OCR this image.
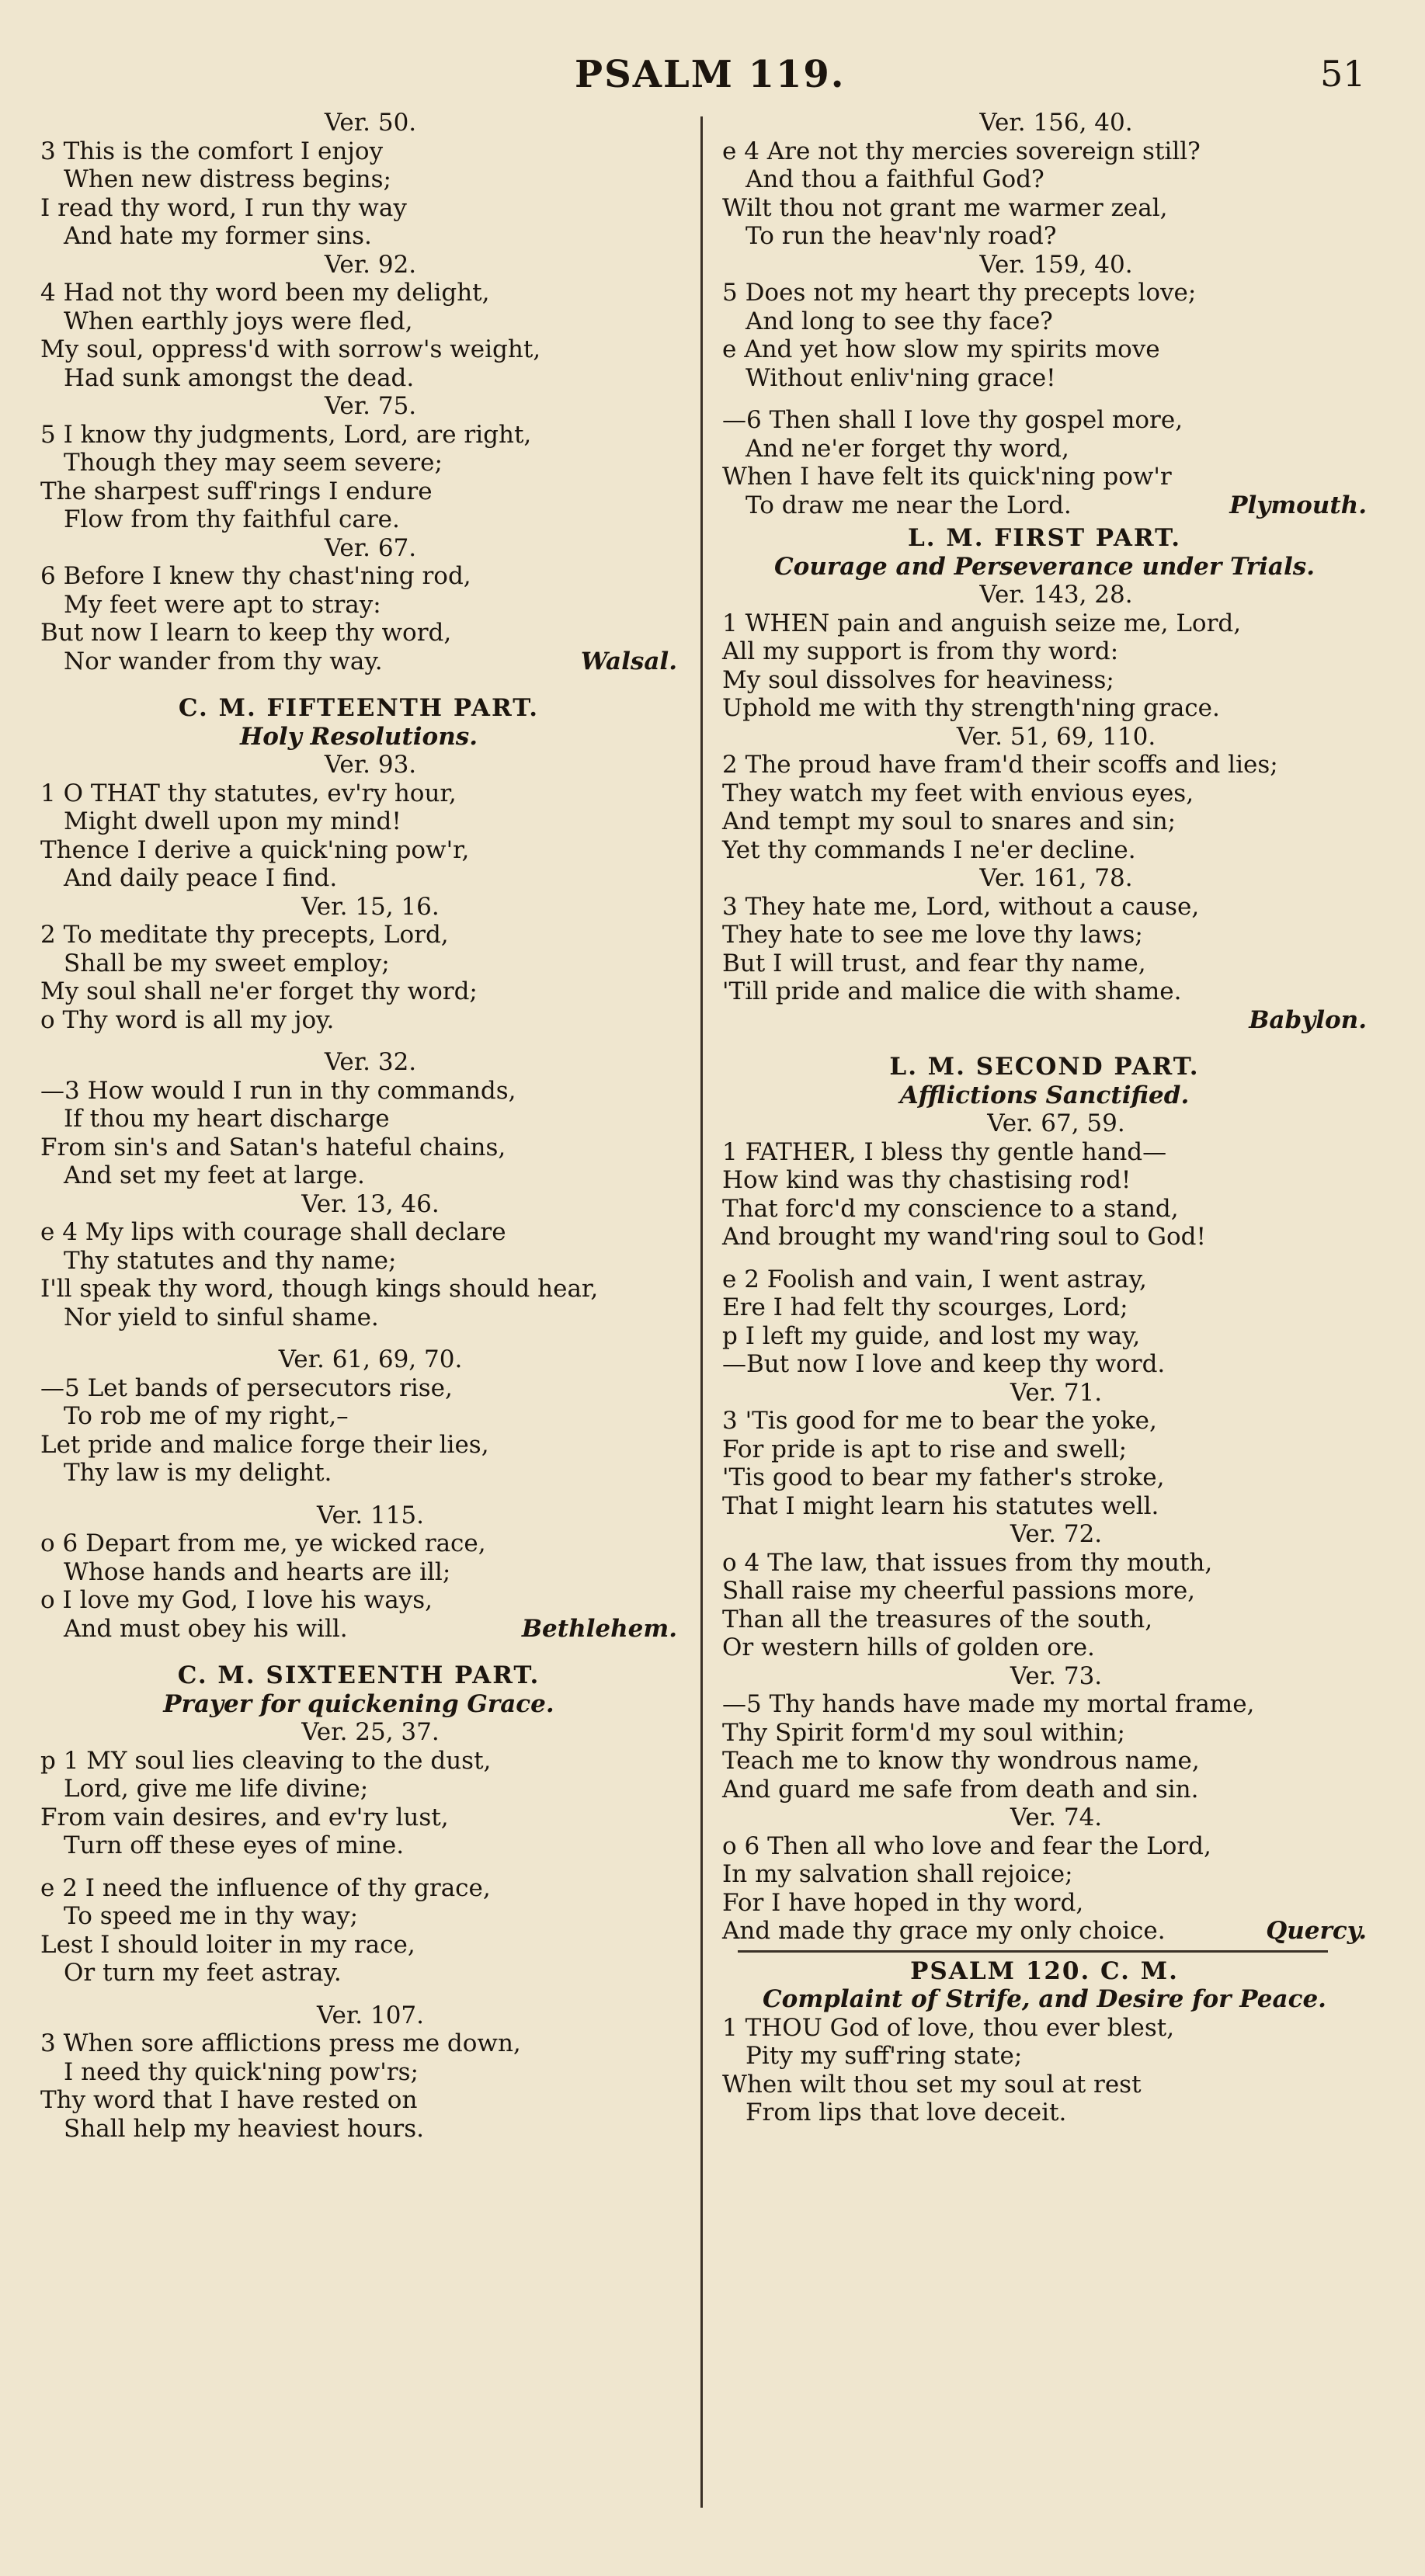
PSALM 119.	51
Ver. 50.
3 This is the comfort I enjoy
When new distress begins;
I read thy word, I run thy way
And hate my former sins.
Ver. 92.
4 Had not thy word been my delight,
When earthly joys were fled,
My soul, oppress'd with sorrow's weight,
Had sunk amongst the dead.
Ver. 75.
5 I know thy judgments, Lord, are right,
Though they may seem severe;
The sharpest suff'rings I endure
Flow from thy faithful care.
Ver. 67.
6 Before I knew thy chast'ning rod,
My feet were apt to stray:
But now I learn to keep thy word,
Nor wander from thy way.	Walsal.
C. M. FIFTEENTH PART.
Holy Resolutions.
Ver. 93.
1 O THAT thy statutes, ev'ry hour,
Might dwell upon my mind!
Thence I derive a quick'ning pow'r,
And daily peace I find.
Ver. 15, 16.
2 To meditate thy precepts, Lord,
Shall be my sweet employ;
My soul shall ne'er forget thy word;
o Thy word is all my joy.
Ver. 32.
—3 How would I run in thy commands,
If thou my heart discharge
From sin's and Satan's hateful chains,
And set my feet at large.
Ver. 13, 46.
e 4 My lips with courage shall declare
Thy statutes and thy name;
I'll speak thy word, though kings should hear,
Nor yield to sinful shame.
Ver. 61, 69, 70.
—5 Let bands of persecutors rise,
To rob me of my right,–
Let pride and malice forge their lies,
Thy law is my delight.
Ver. 115.
o 6 Depart from me, ye wicked race,
Whose hands and hearts are ill;
o I love my God, I love his ways,
And must obey his will.	Bethlehem.
C. M. SIXTEENTH PART.
Prayer for quickening Grace.
Ver. 25, 37.
p 1 MY soul lies cleaving to the dust,
Lord, give me life divine;
From vain desires, and ev'ry lust,
Turn off these eyes of mine.
e 2 I need the influence of thy grace,
To speed me in thy way;
Lest I should loiter in my race,
Or turn my feet astray.
Ver. 107.
3 When sore afflictions press me down,
I need thy quick'ning pow'rs;
Thy word that I have rested on
Shall help my heaviest hours.
Ver. 156, 40.
e 4 Are not thy mercies sovereign still?
And thou a faithful God?
Wilt thou not grant me warmer zeal,
To run the heav'nly road?
Ver. 159, 40.
5 Does not my heart thy precepts love;
And long to see thy face?
e And yet how slow my spirits move
Without enliv'ning grace!
—6 Then shall I love thy gospel more,
And ne'er forget thy word,
When I have felt its quick'ning pow'r
To draw me near the Lord.	Plymouth.
L. M. FIRST PART.
Courage and Perseverance under Trials.
Ver. 143, 28.
1 WHEN pain and anguish seize me, Lord,
All my support is from thy word:
My soul dissolves for heaviness;
Uphold me with thy strength'ning grace.
Ver. 51, 69, 110.
2 The proud have fram'd their scoffs and lies;
They watch my feet with envious eyes,
And tempt my soul to snares and sin;
Yet thy commands I ne'er decline.
Ver. 161, 78.
3 They hate me, Lord, without a cause,
They hate to see me love thy laws;
But I will trust, and fear thy name,
'Till pride and malice die with shame.
Babylon.
L. M. SECOND PART.
Afflictions Sanctified.
Ver. 67, 59.
1 FATHER, I bless thy gentle hand—
How kind was thy chastising rod!
That forc'd my conscience to a stand,
And brought my wand'ring soul to God!
e 2 Foolish and vain, I went astray,
Ere I had felt thy scourges, Lord;
p I left my guide, and lost my way,
—But now I love and keep thy word.
Ver. 71.
3 'Tis good for me to bear the yoke,
For pride is apt to rise and swell;
'Tis good to bear my father's stroke,
That I might learn his statutes well.
Ver. 72.
o 4 The law, that issues from thy mouth,
Shall raise my cheerful passions more,
Than all the treasures of the south,
Or western hills of golden ore.
Ver. 73.
—5 Thy hands have made my mortal frame,
Thy Spirit form'd my soul within;
Teach me to know thy wondrous name,
And guard me safe from death and sin.
Ver. 74.
o 6 Then all who love and fear the Lord,
In my salvation shall rejoice;
For I have hoped in thy word,
And made thy grace my only choice.	Quercy.
PSALM 120. C. M.
Complaint of Strife, and Desire for Peace.
1 THOU God of love, thou ever blest,
Pity my suff'ring state;
When wilt thou set my soul at rest
From lips that love deceit.
